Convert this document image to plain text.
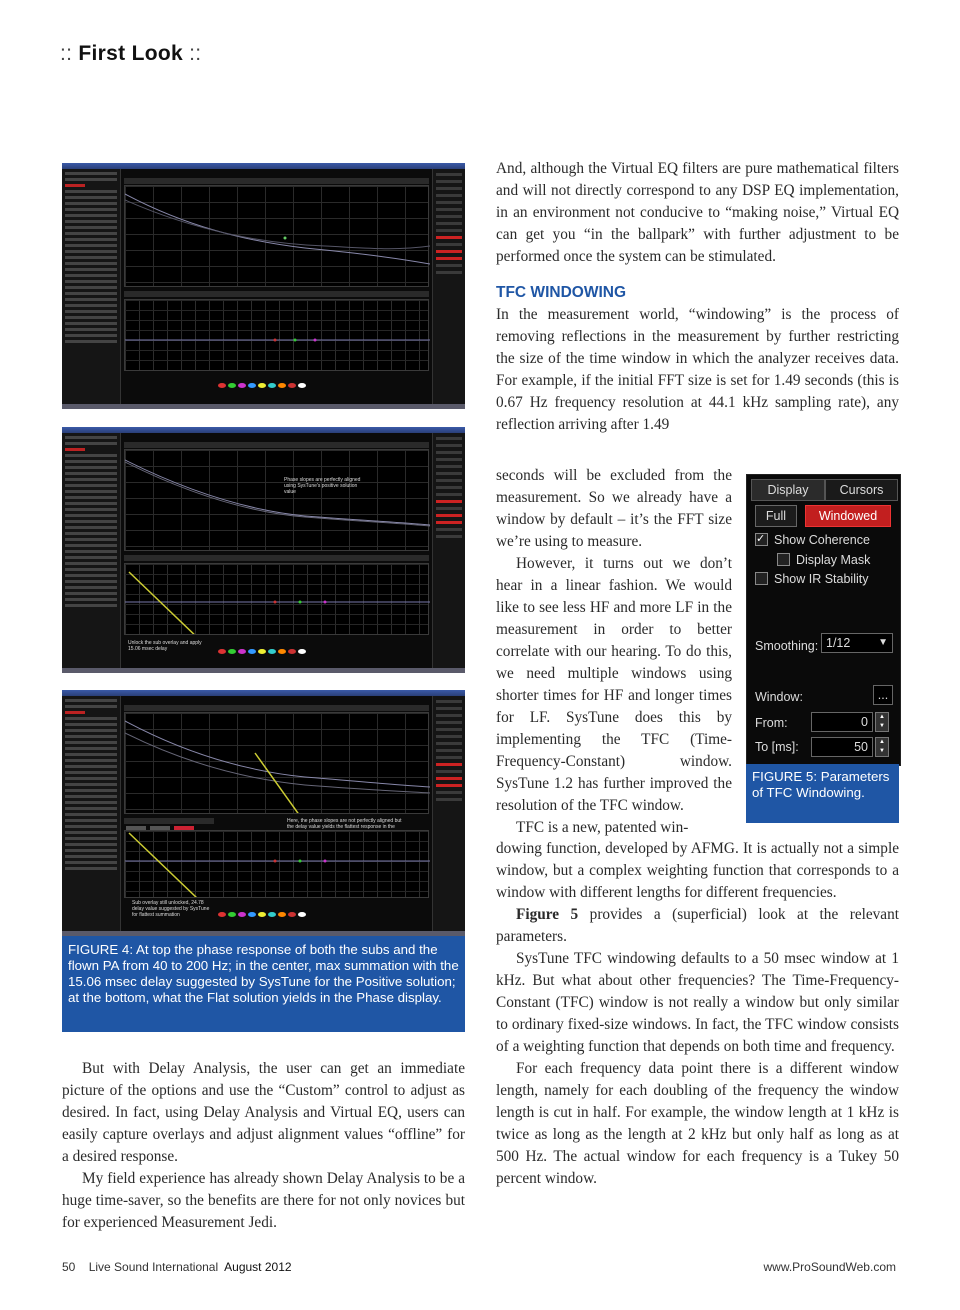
:: First Look ::
Phase slopes are perfectly aligned using SysTune's positive solution value
Unlock the sub overlay and apply 15.06 msec delay
Here, the phase slopes are not perfectly aligned but the delay value yields the flattest response in the
Sub overlay still unlocked, 24.78 delay value suggested by SysTune for flattest summation
FIGURE 4: At top the phase response of both the subs and the flown PA from 40 to 200 Hz; in the center, max summation with the 15.06 msec delay suggested by SysTune for the Positive solution; at the bottom, what the Flat solution yields in the Phase display.

But with Delay Analysis, the user can get an immediate picture of the options and use the “Custom” control to adjust as desired. In fact, using Delay Analysis and Virtual EQ, users can easily capture overlays and adjust alignment values “offline” for a desired response.

My field experience has already shown Delay Analysis to be a huge time-saver, so the benefits are there for not only novices but for experienced Measurement Jedi.

And, although the Virtual EQ filters are pure mathematical filters and will not directly correspond to any DSP EQ implementation, in an environment not conducive to “making noise,” Virtual EQ can get you “in the ballpark” with further adjustment to be performed once the system can be stimulated.

TFC WINDOWING

In the measurement world, “windowing” is the process of removing reflections in the measurement by further restricting the size of the time window in which the analyzer receives data. For example, if the initial FFT size is set for 1.49 seconds (this is 0.67 Hz frequency resolution at 44.1 kHz sampling rate), any reflection arriving after 1.49

seconds will be excluded from the measurement. So we already have a window by default – it’s the FFT size we’re using to measure.

However, it turns out we don’t hear in a linear fashion. We would like to see less HF and more LF in the measurement in order to better correlate with our hearing. To do this, we need multiple windows using shorter times for HF and longer times for LF. SysTune does this by implementing the TFC (Time-Frequency-Constant) window. SysTune 1.2 has further improved the resolution of the TFC window.

TFC is a new, patented win-

dowing function, developed by AFMG. It is actually not a simple window, but a complex weighting function that corresponds to a window with different lengths for different frequencies.

Figure 5 provides a (superficial) look at the relevant parameters.

SysTune TFC windowing defaults to a 50 msec window at 1 kHz. But what about other frequencies? The Time-Frequency-Constant (TFC) window is not really a window but only similar to ordinary fixed-size windows. In fact, the TFC window consists of a weighting function that depends on both time and frequency.

For each frequency data point there is a different window length, namely for each doubling of the frequency the window length is cut in half. For example, the window length at 1 kHz is twice as long as the length at 2 kHz but only half as long as at 500 Hz. The actual window for each frequency is a Tukey 50 percent window.

Display	Cursors
Full	Windowed
✓Show Coherence
Display Mask
Show IR Stability
Smoothing: 1/12	▼
Window:	...
From:	0	▲
▼
To [ms]:	50	▲
▼
FIGURE 5: Parameters of TFC Windowing.
50 Live Sound International August 2012	www.ProSoundWeb.com
